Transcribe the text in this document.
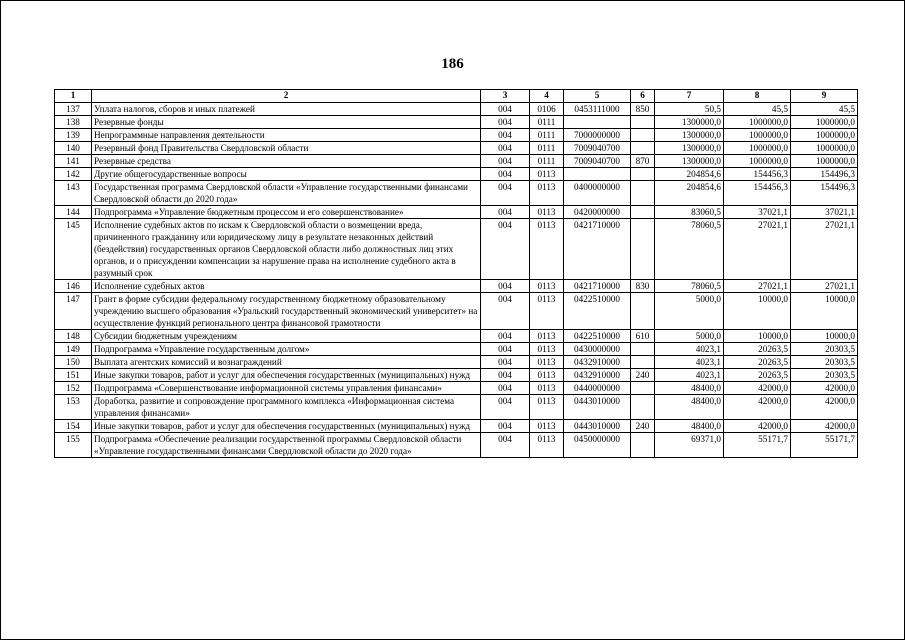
186
1	2	3	4	5	6	7	8	9
137	Уплата налогов, сборов и иных платежей	004	0106	0453111000	850	50,5	45,5	45,5
138	Резервные фонды	004	0111			1300000,0	1000000,0	1000000,0
139	Непрограммные направления деятельности	004	0111	7000000000		1300000,0	1000000,0	1000000,0
140	Резервный фонд Правительства Свердловской области	004	0111	7009040700		1300000,0	1000000,0	1000000,0
141	Резервные средства	004	0111	7009040700	870	1300000,0	1000000,0	1000000,0
142	Другие общегосударственные вопросы	004	0113			204854,6	154456,3	154496,3
143	Государственная программа Свердловской области «Управление государственными финансами Свердловской области до 2020 года»	004	0113	0400000000		204854,6	154456,3	154496,3
144	Подпрограмма «Управление бюджетным процессом и его совершенствование»	004	0113	0420000000		83060,5	37021,1	37021,1
145	Исполнение судебных актов по искам к Свердловской области о возмещении вреда, причиненного гражданину или юридическому лицу в результате незаконных действий (бездействия) государственных органов Свердловской области либо должностных лиц этих органов, и о присуждении компенсации за нарушение права на исполнение судебного акта в разумный срок	004	0113	0421710000		78060,5	27021,1	27021,1
146	Исполнение судебных актов	004	0113	0421710000	830	78060,5	27021,1	27021,1
147	Грант в форме субсидии федеральному государственному бюджетному образовательному учреждению высшего образования «Уральский государственный экономический университет» на осуществление функций регионального центра финансовой грамотности	004	0113	0422510000		5000,0	10000,0	10000,0
148	Субсидии бюджетным учреждениям	004	0113	0422510000	610	5000,0	10000,0	10000,0
149	Подпрограмма «Управление государственным долгом»	004	0113	0430000000		4023,1	20263,5	20303,5
150	Выплата агентских комиссий и вознаграждений	004	0113	0432910000		4023,1	20263,5	20303,5
151	Иные закупки товаров, работ и услуг для обеспечения государственных (муниципальных) нужд	004	0113	0432910000	240	4023,1	20263,5	20303,5
152	Подпрограмма «Совершенствование информационной системы управления финансами»	004	0113	0440000000		48400,0	42000,0	42000,0
153	Доработка, развитие и сопровождение программного комплекса «Информационная система управления финансами»	004	0113	0443010000		48400,0	42000,0	42000,0
154	Иные закупки товаров, работ и услуг для обеспечения государственных (муниципальных) нужд	004	0113	0443010000	240	48400,0	42000,0	42000,0
155	Подпрограмма «Обеспечение реализации государственной программы Свердловской области «Управление государственными финансами Свердловской области до 2020 года»	004	0113	0450000000		69371,0	55171,7	55171,7
